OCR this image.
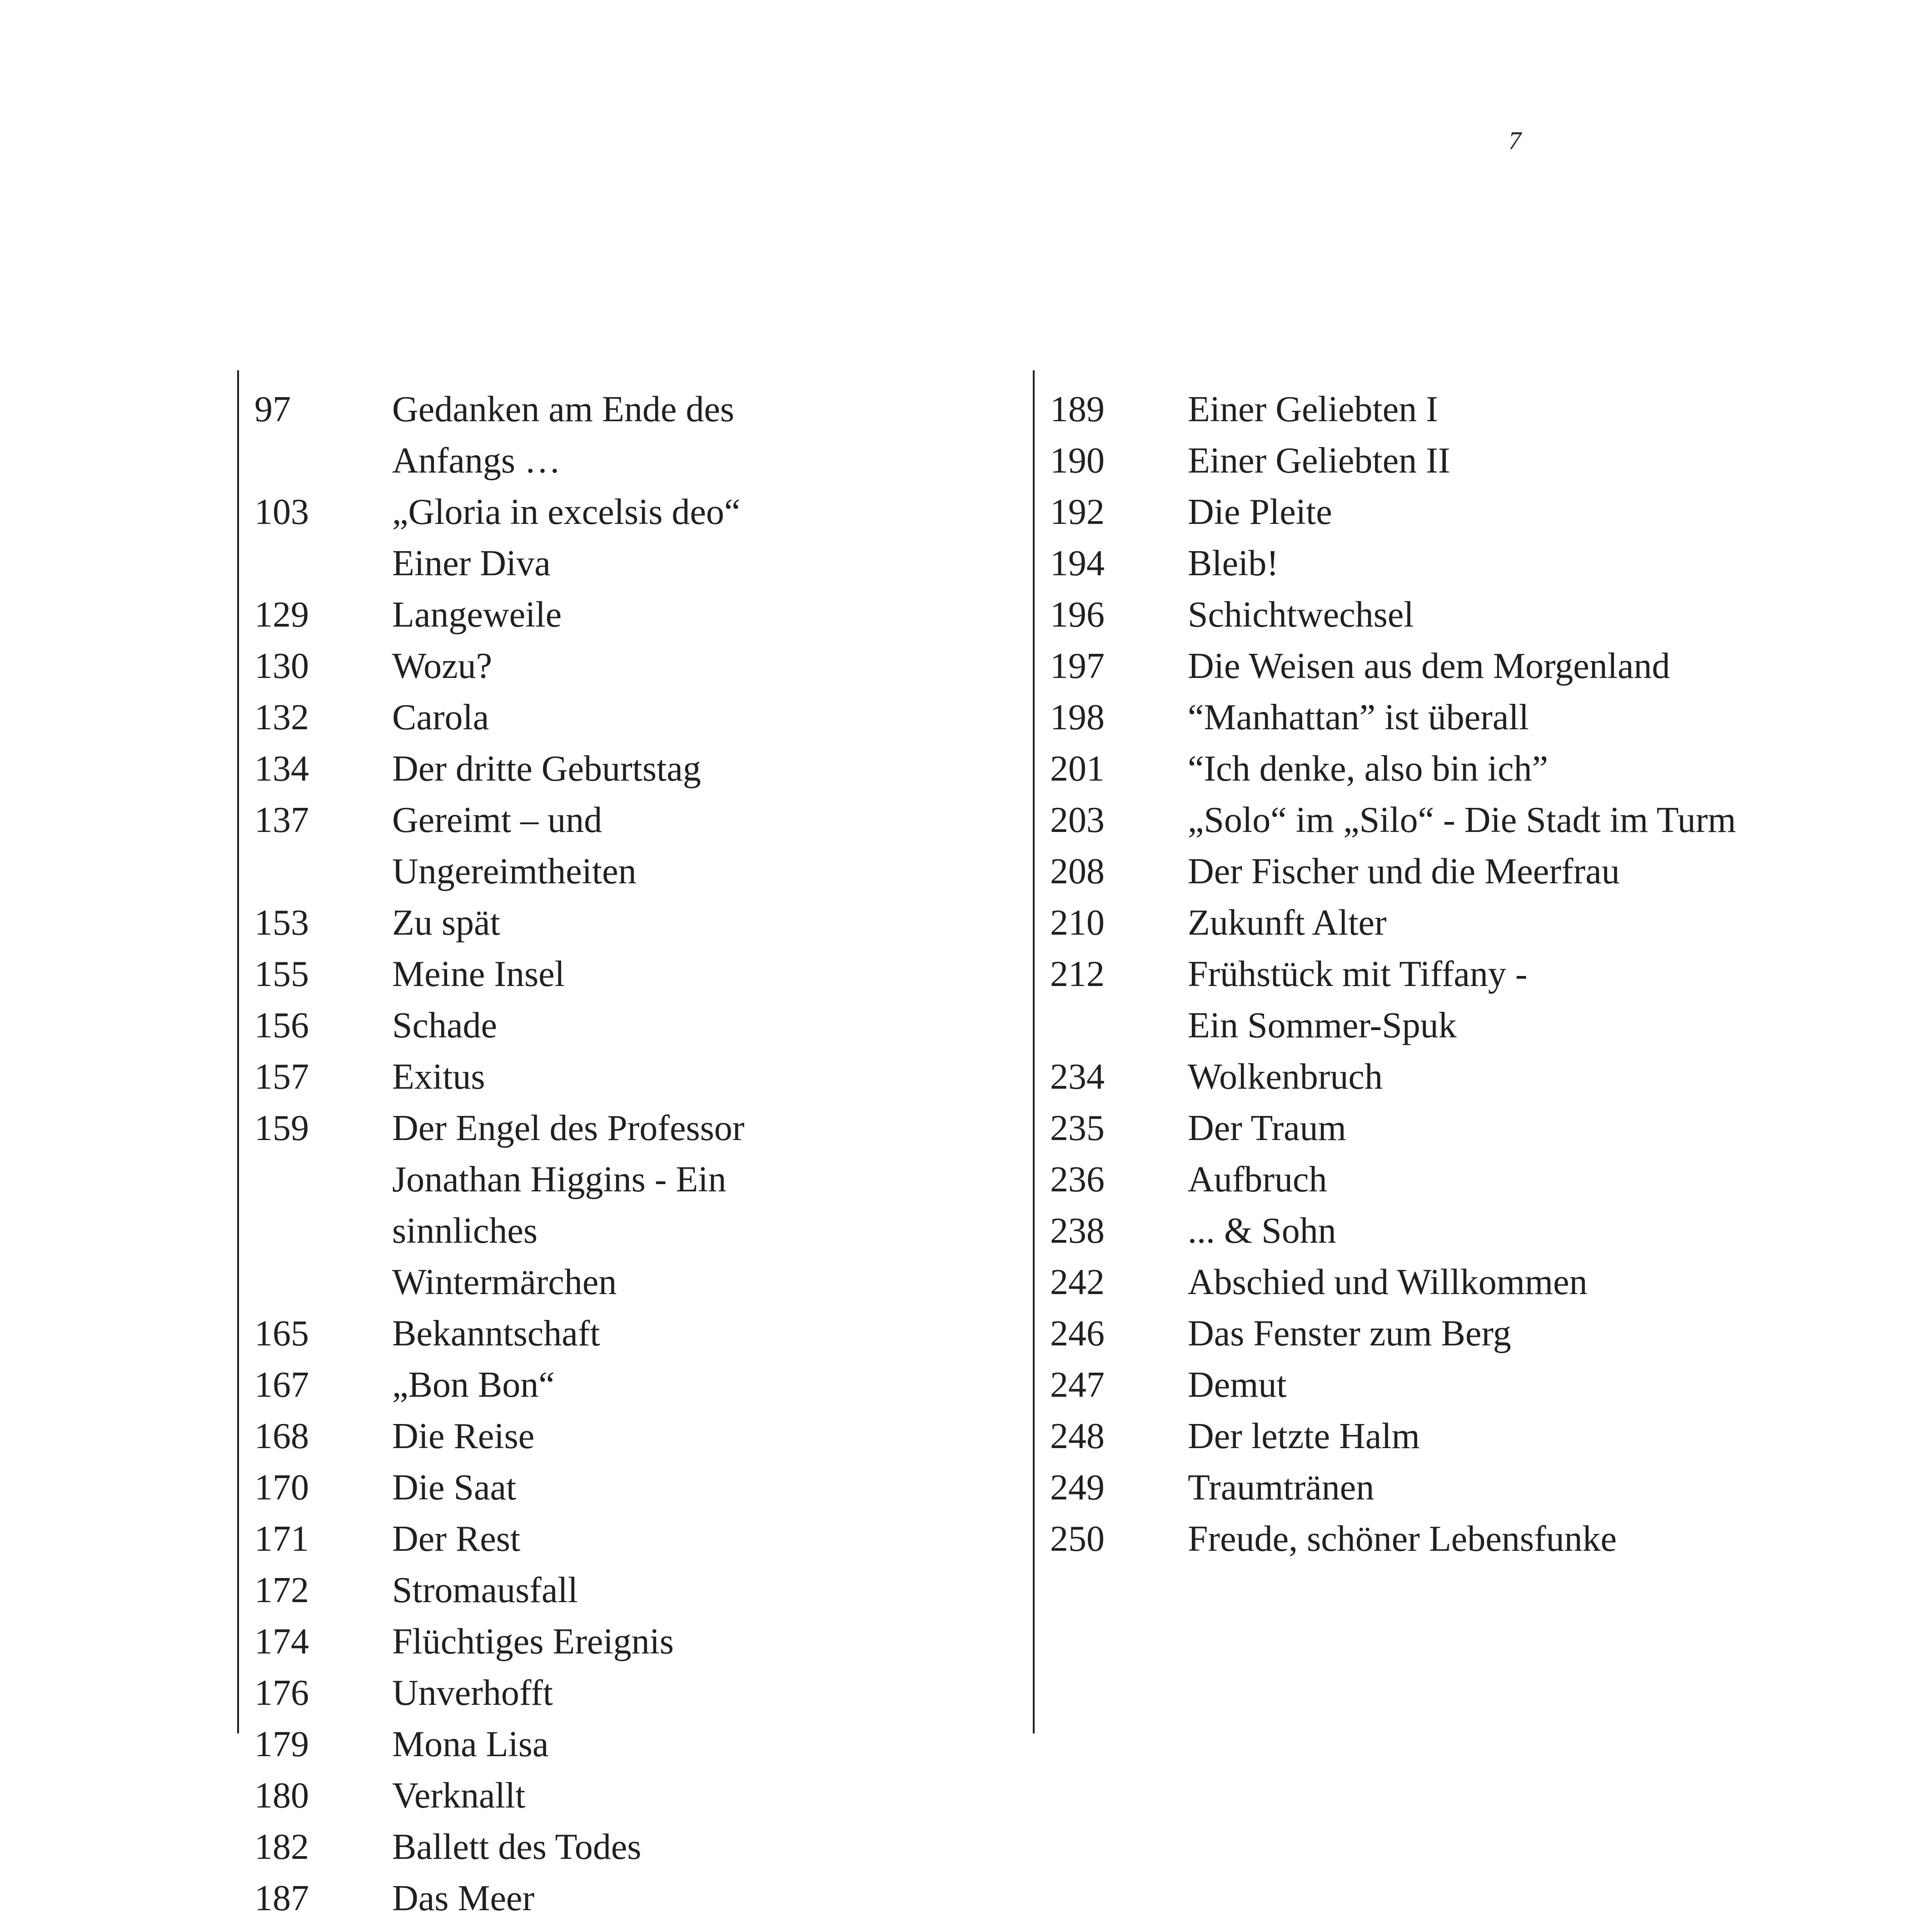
7
97	Gedanken am Ende des Anfangs …
103	„Gloria in excelsis deo“ Einer Diva
129	Langeweile
130	Wozu?
132	Carola
134	Der dritte Geburtstag
137	Gereimt – und Ungereimtheiten
153	Zu spät
155	Meine Insel
156	Schade
157	Exitus
159	Der Engel des Professor
Jonathan Higgins - Ein sinnliches
Wintermärchen
165	Bekanntschaft
167	„Bon Bon“
168	Die Reise
170	Die Saat
171	Der Rest
172	Stromausfall
174	Flüchtiges Ereignis
176	Unverhofft
179	Mona Lisa
180	Verknallt
182	Ballett des Todes
187	Das Meer
189	Einer Geliebten I
190	Einer Geliebten II
192	Die Pleite
194	Bleib!
196	Schichtwechsel
197	Die Weisen aus dem Morgenland
198	“Manhattan” ist überall
201	“Ich denke, also bin ich”
203	„Solo“ im „Silo“ - Die Stadt im Turm
208	Der Fischer und die Meerfrau
210	Zukunft Alter
212	Frühstück mit Tiffany -
Ein Sommer-Spuk
234	Wolkenbruch
235	Der Traum
236	Aufbruch
238	... & Sohn
242	Abschied und Willkommen
246	Das Fenster zum Berg
247	Demut
248	Der letzte Halm
249	Traumtränen
250	Freude, schöner Lebensfunke
